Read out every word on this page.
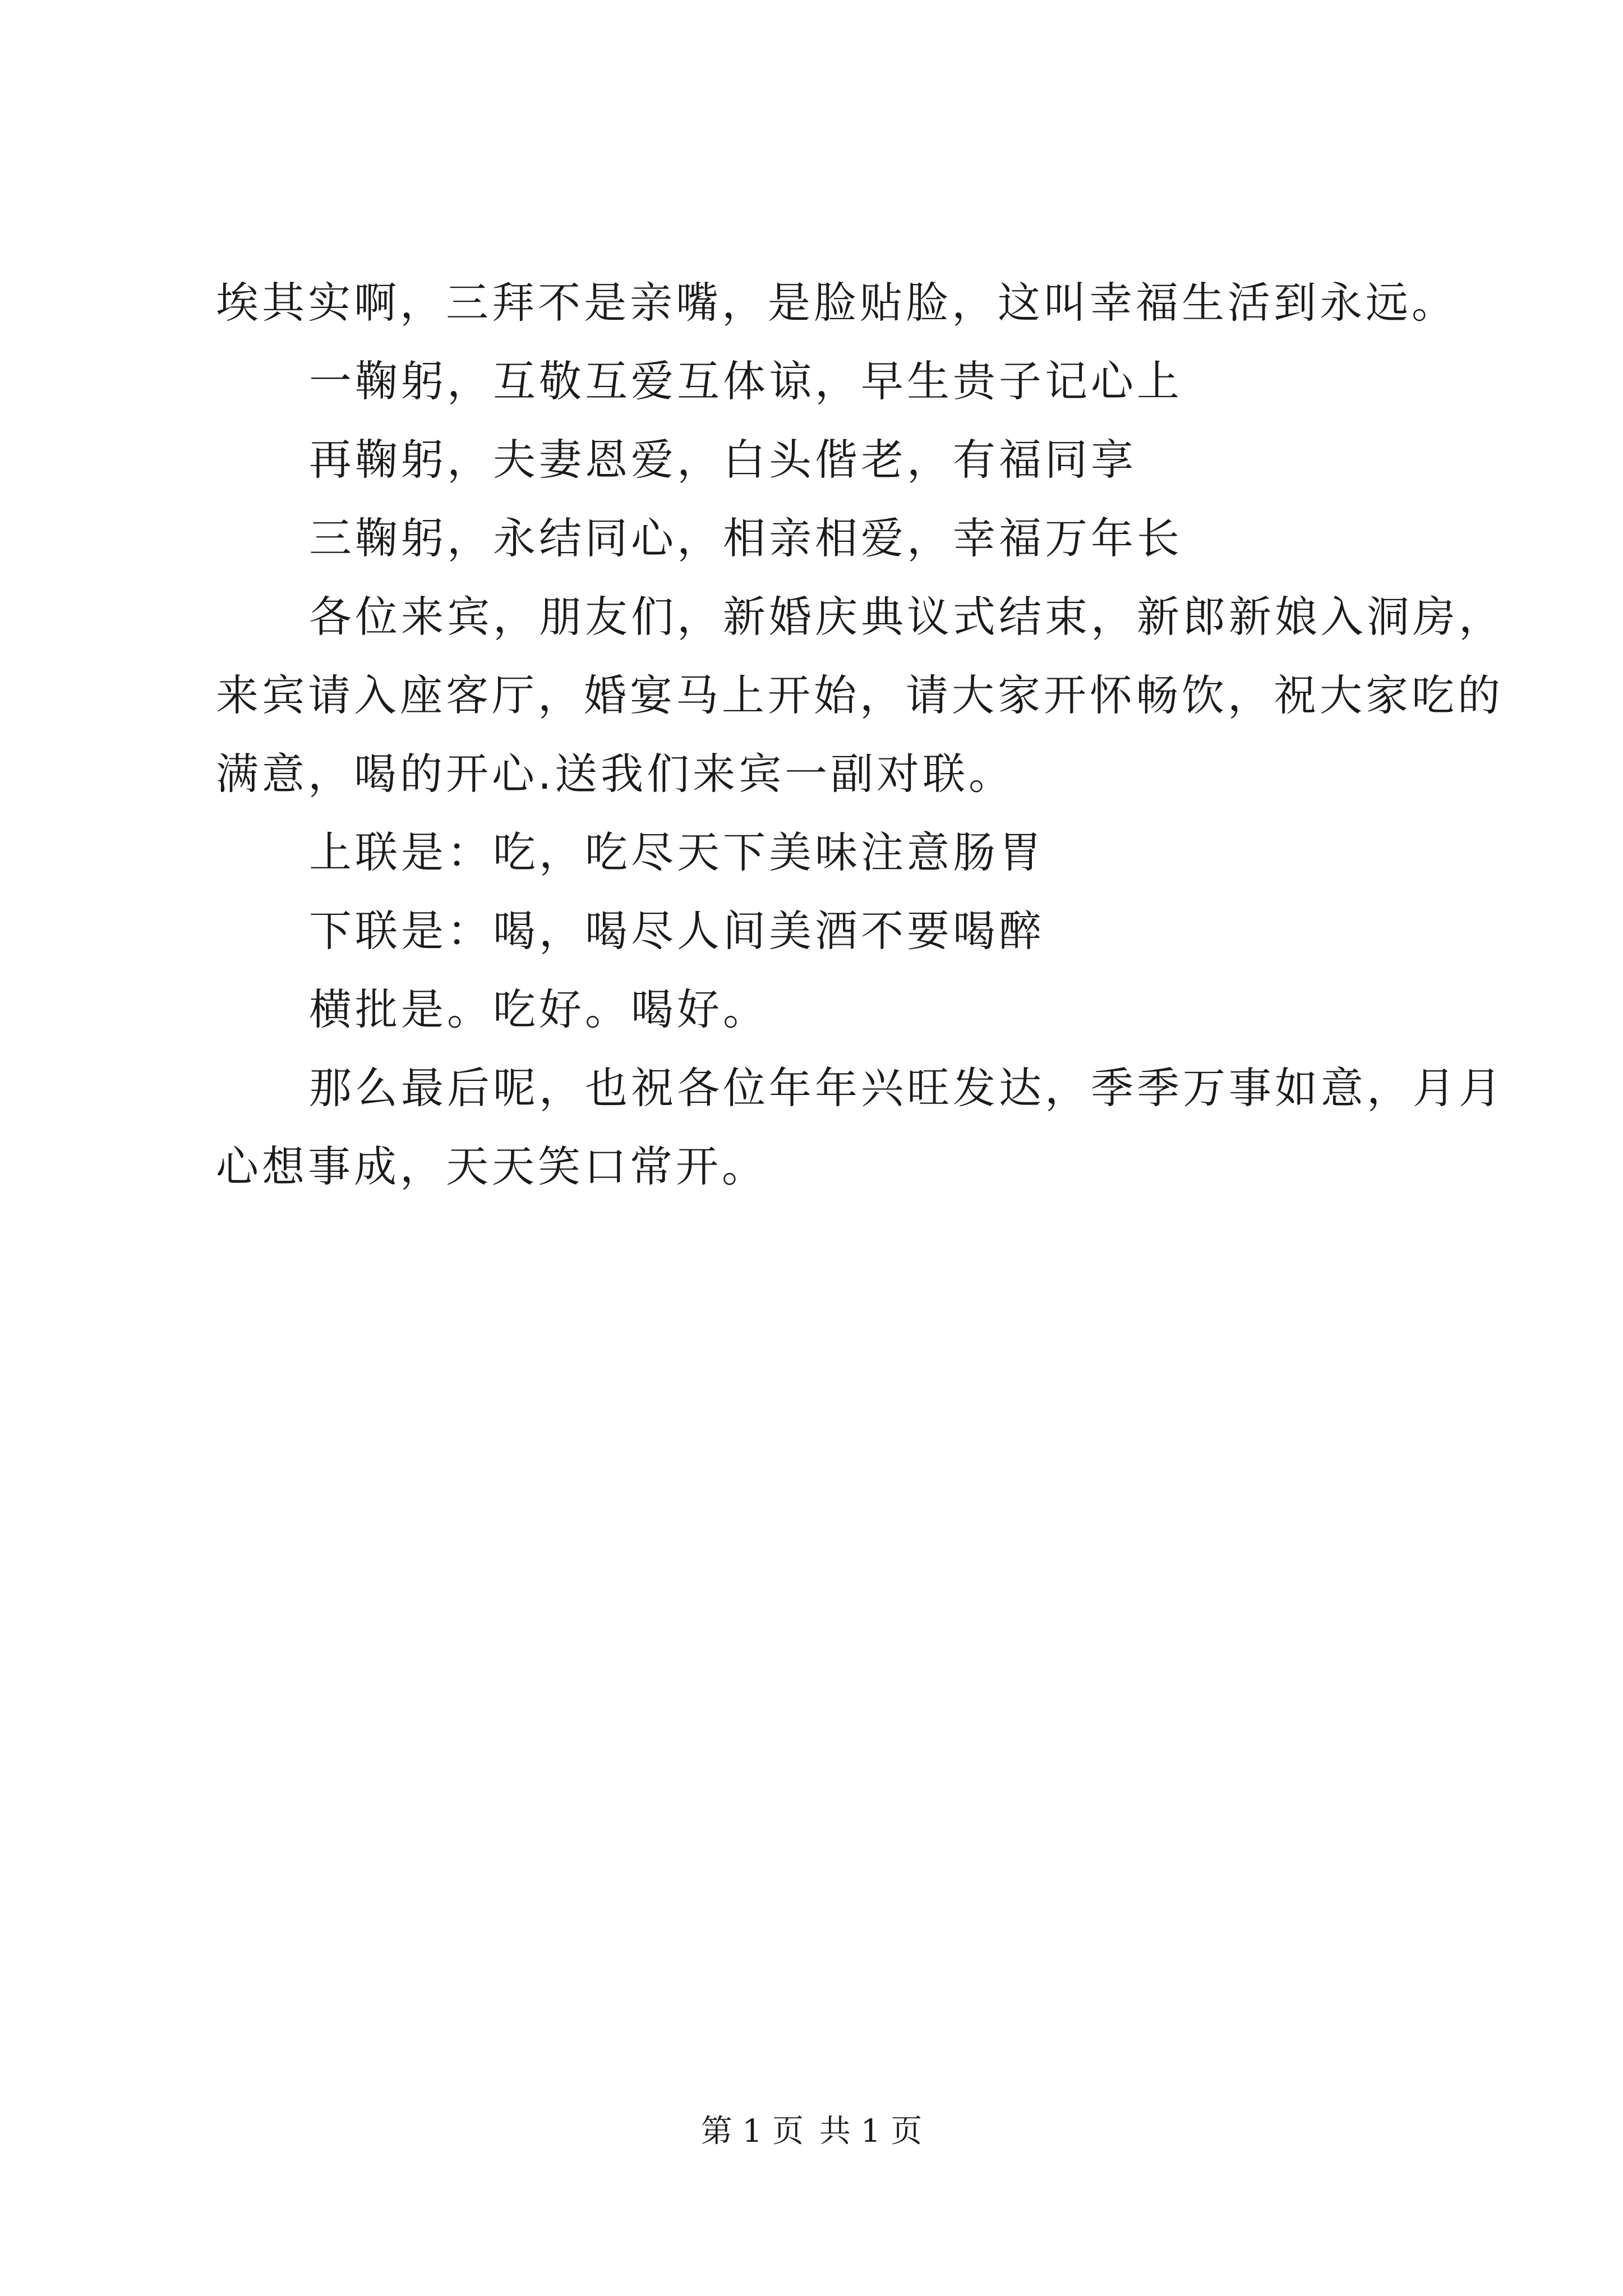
埃其实啊，三拜不是亲嘴，是脸贴脸，这叫幸福生活到永远。

一鞠躬，互敬互爱互体谅，早生贵子记心上

再鞠躬，夫妻恩爱，白头偕老，有福同享

三鞠躬，永结同心，相亲相爱，幸福万年长

各位来宾，朋友们，新婚庆典议式结束，新郎新娘入洞房，

来宾请入座客厅，婚宴马上开始，请大家开怀畅饮，祝大家吃的

满意，喝的开心.送我们来宾一副对联。

上联是：吃，吃尽天下美味注意肠胃

下联是：喝，喝尽人间美酒不要喝醉

横批是。吃好。喝好。

那么最后呢，也祝各位年年兴旺发达，季季万事如意，月月

心想事成，天天笑口常开。

第 1 页 共 1 页
